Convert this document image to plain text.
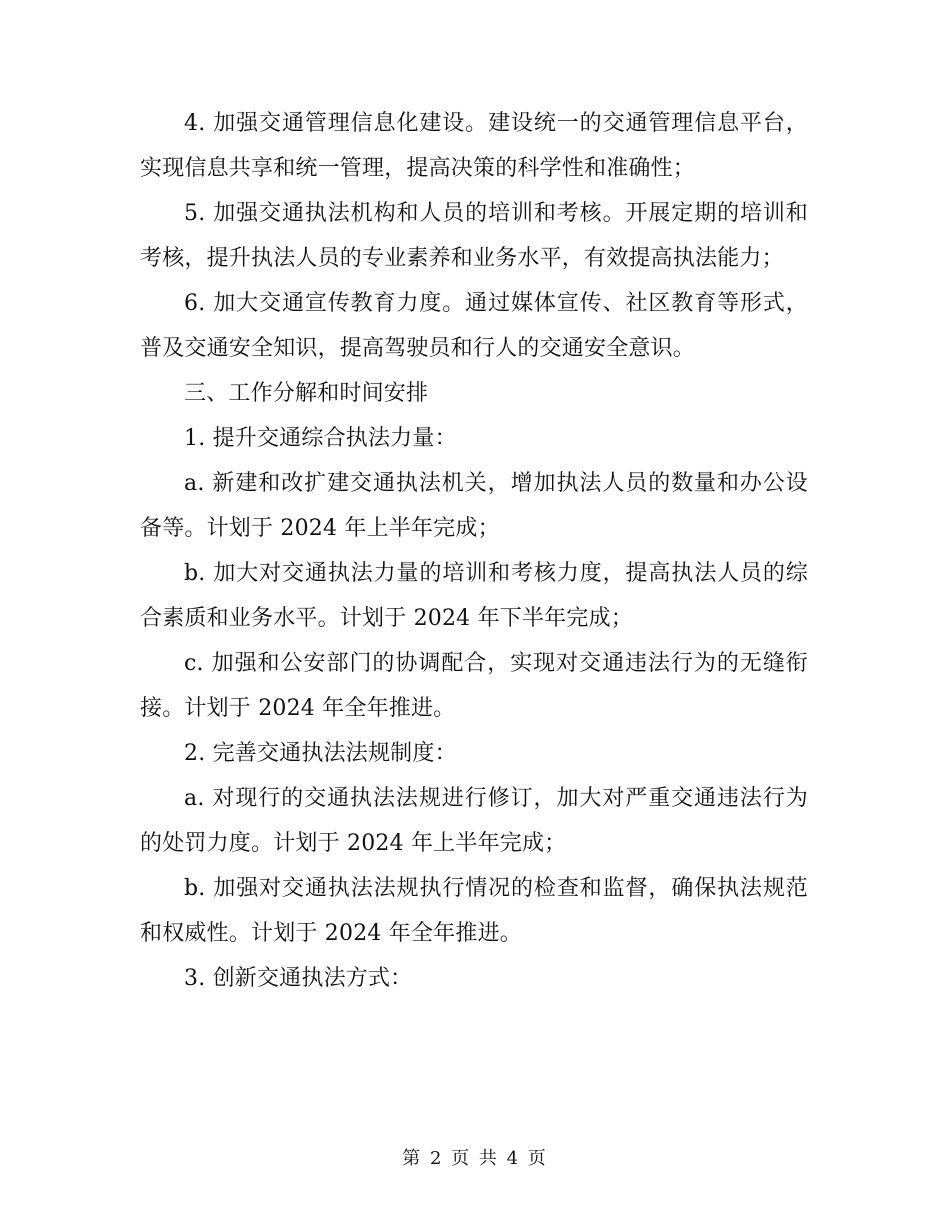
4. 加强交通管理信息化建设。建设统一的交通管理信息平台，实现信息共享和统一管理，提高决策的科学性和准确性；

5. 加强交通执法机构和人员的培训和考核。开展定期的培训和考核，提升执法人员的专业素养和业务水平，有效提高执法能力；

6. 加大交通宣传教育力度。通过媒体宣传、社区教育等形式，普及交通安全知识，提高驾驶员和行人的交通安全意识。

三、工作分解和时间安排

1. 提升交通综合执法力量：

a. 新建和改扩建交通执法机关，增加执法人员的数量和办公设备等。计划于 2024 年上半年完成；

b. 加大对交通执法力量的培训和考核力度，提高执法人员的综合素质和业务水平。计划于 2024 年下半年完成；

c. 加强和公安部门的协调配合，实现对交通违法行为的无缝衔接。计划于 2024 年全年推进。

2. 完善交通执法法规制度：

a. 对现行的交通执法法规进行修订，加大对严重交通违法行为的处罚力度。计划于 2024 年上半年完成；

b. 加强对交通执法法规执行情况的检查和监督，确保执法规范和权威性。计划于 2024 年全年推进。

3. 创新交通执法方式：

第 2 页 共 4 页
